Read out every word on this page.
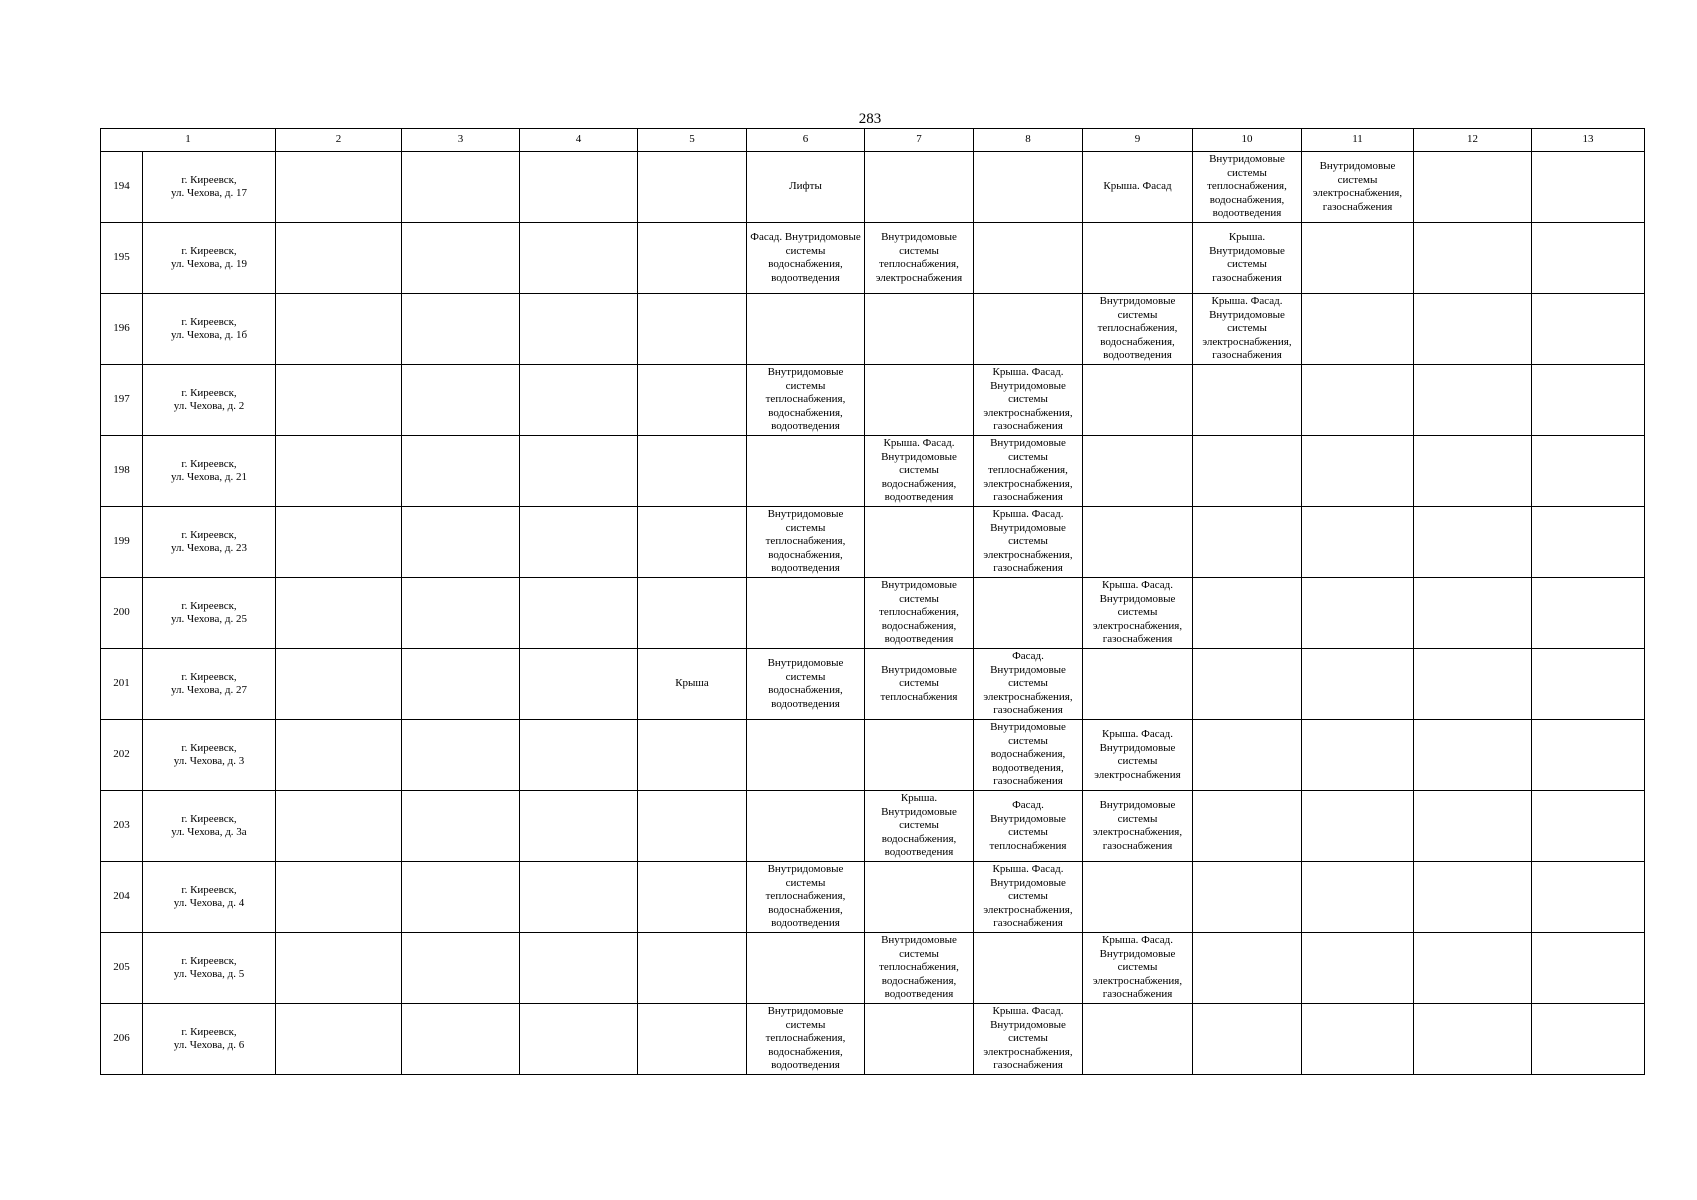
283
1		2	3	4	5	6	7	8	9	10	11	12	13
194	г. Киреевск,
ул. Чехова, д. 17					Лифты			Крыша. Фасад	Внутридомовые системы теплоснабжения, водоснабжения, водоотведения	Внутридомовые системы электроснабжения, газоснабжения		
195	г. Киреевск,
ул. Чехова, д. 19					Фасад. Внутридомовые системы водоснабжения, водоотведения	Внутридомовые системы теплоснабжения, электроснабжения			Крыша. Внутридомовые системы газоснабжения			
196	г. Киреевск,
ул. Чехова, д. 1б								Внутридомовые системы теплоснабжения, водоснабжения, водоотведения	Крыша. Фасад. Внутридомовые системы электроснабжения, газоснабжения			
197	г. Киреевск,
ул. Чехова, д. 2					Внутридомовые системы теплоснабжения, водоснабжения, водоотведения		Крыша. Фасад. Внутридомовые системы электроснабжения, газоснабжения					
198	г. Киреевск,
ул. Чехова, д. 21						Крыша. Фасад. Внутридомовые системы водоснабжения, водоотведения	Внутридомовые системы теплоснабжения, электроснабжения, газоснабжения					
199	г. Киреевск,
ул. Чехова, д. 23					Внутридомовые системы теплоснабжения, водоснабжения, водоотведения		Крыша. Фасад. Внутридомовые системы электроснабжения, газоснабжения					
200	г. Киреевск,
ул. Чехова, д. 25						Внутридомовые системы теплоснабжения, водоснабжения, водоотведения		Крыша. Фасад. Внутридомовые системы электроснабжения, газоснабжения				
201	г. Киреевск,
ул. Чехова, д. 27				Крыша	Внутридомовые системы водоснабжения, водоотведения	Внутридомовые системы теплоснабжения	Фасад. Внутридомовые системы электроснабжения, газоснабжения					
202	г. Киреевск,
ул. Чехова, д. 3							Внутридомовые системы водоснабжения, водоотведения, газоснабжения	Крыша. Фасад. Внутридомовые системы электроснабжения				
203	г. Киреевск,
ул. Чехова, д. 3а						Крыша. Внутридомовые системы водоснабжения, водоотведения	Фасад. Внутридомовые системы теплоснабжения	Внутридомовые системы электроснабжения, газоснабжения				
204	г. Киреевск,
ул. Чехова, д. 4					Внутридомовые системы теплоснабжения, водоснабжения, водоотведения		Крыша. Фасад. Внутридомовые системы электроснабжения, газоснабжения					
205	г. Киреевск,
ул. Чехова, д. 5						Внутридомовые системы теплоснабжения, водоснабжения, водоотведения		Крыша. Фасад. Внутридомовые системы электроснабжения, газоснабжения				
206	г. Киреевск,
ул. Чехова, д. 6					Внутридомовые системы теплоснабжения, водоснабжения, водоотведения		Крыша. Фасад. Внутридомовые системы электроснабжения, газоснабжения					
